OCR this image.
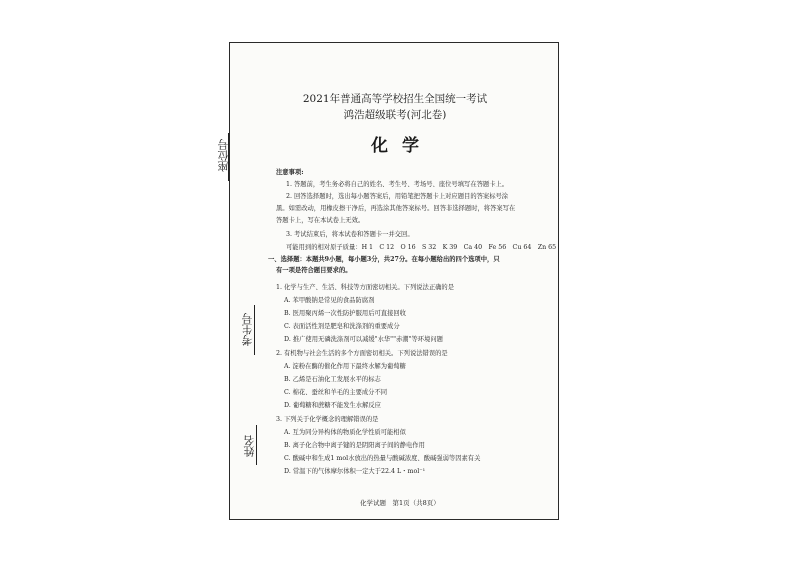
2021年普通高等学校招生全国统一考试
鸿浩超级联考(河北卷)
化学
座位号
考生号
姓名
注意事项:
1. 答题前，考生务必将自己的姓名、考生号、考场号、座位号填写在答题卡上。
2. 回答选择题时，选出每小题答案后，用铅笔把答题卡上对应题目的答案标号涂
黑。如需改动，用橡皮擦干净后，再选涂其他答案标号。回答非选择题时，将答案写在
答题卡上，写在本试卷上无效。
3. 考试结束后，将本试卷和答题卡一并交回。
可能用到的相对原子质量：H 1　C 12　O 16　S 32　K 39　Ca 40　Fe 56　Cu 64　Zn 65
一、选择题：本题共9小题，每小题3分，共27分。在每小题给出的四个选项中，只
有一项是符合题目要求的。
1. 化学与生产、生活、科技等方面密切相关。下列说法正确的是
A. 苯甲酸钠是常见的食品防腐剂
B. 医用聚丙烯一次性防护服用后可直接回收
C. 表面活性剂是肥皂和洗涤剂的重要成分
D. 推广使用无磷洗涤剂可以减缓"水华""赤潮"等环境问题
2. 有机物与社会生活的多个方面密切相关。下列说法错误的是
A. 淀粉在酶的催化作用下最终水解为葡萄糖
B. 乙烯是石油化工发展水平的标志
C. 棉花、蚕丝和羊毛的主要成分不同
D. 葡萄糖和蔗糖不能发生水解反应
3. 下列关于化学概念的理解错误的是
A. 互为同分异构体的物质化学性质可能相似
B. 离子化合物中离子键的是阴阳离子间的静电作用
C. 酸碱中和生成1 mol水放出的热量与酸碱浓度、酸碱强弱等因素有关
D. 常温下的气体摩尔体积一定大于22.4 L・mol⁻¹
化学试题　第1页（共8页）
